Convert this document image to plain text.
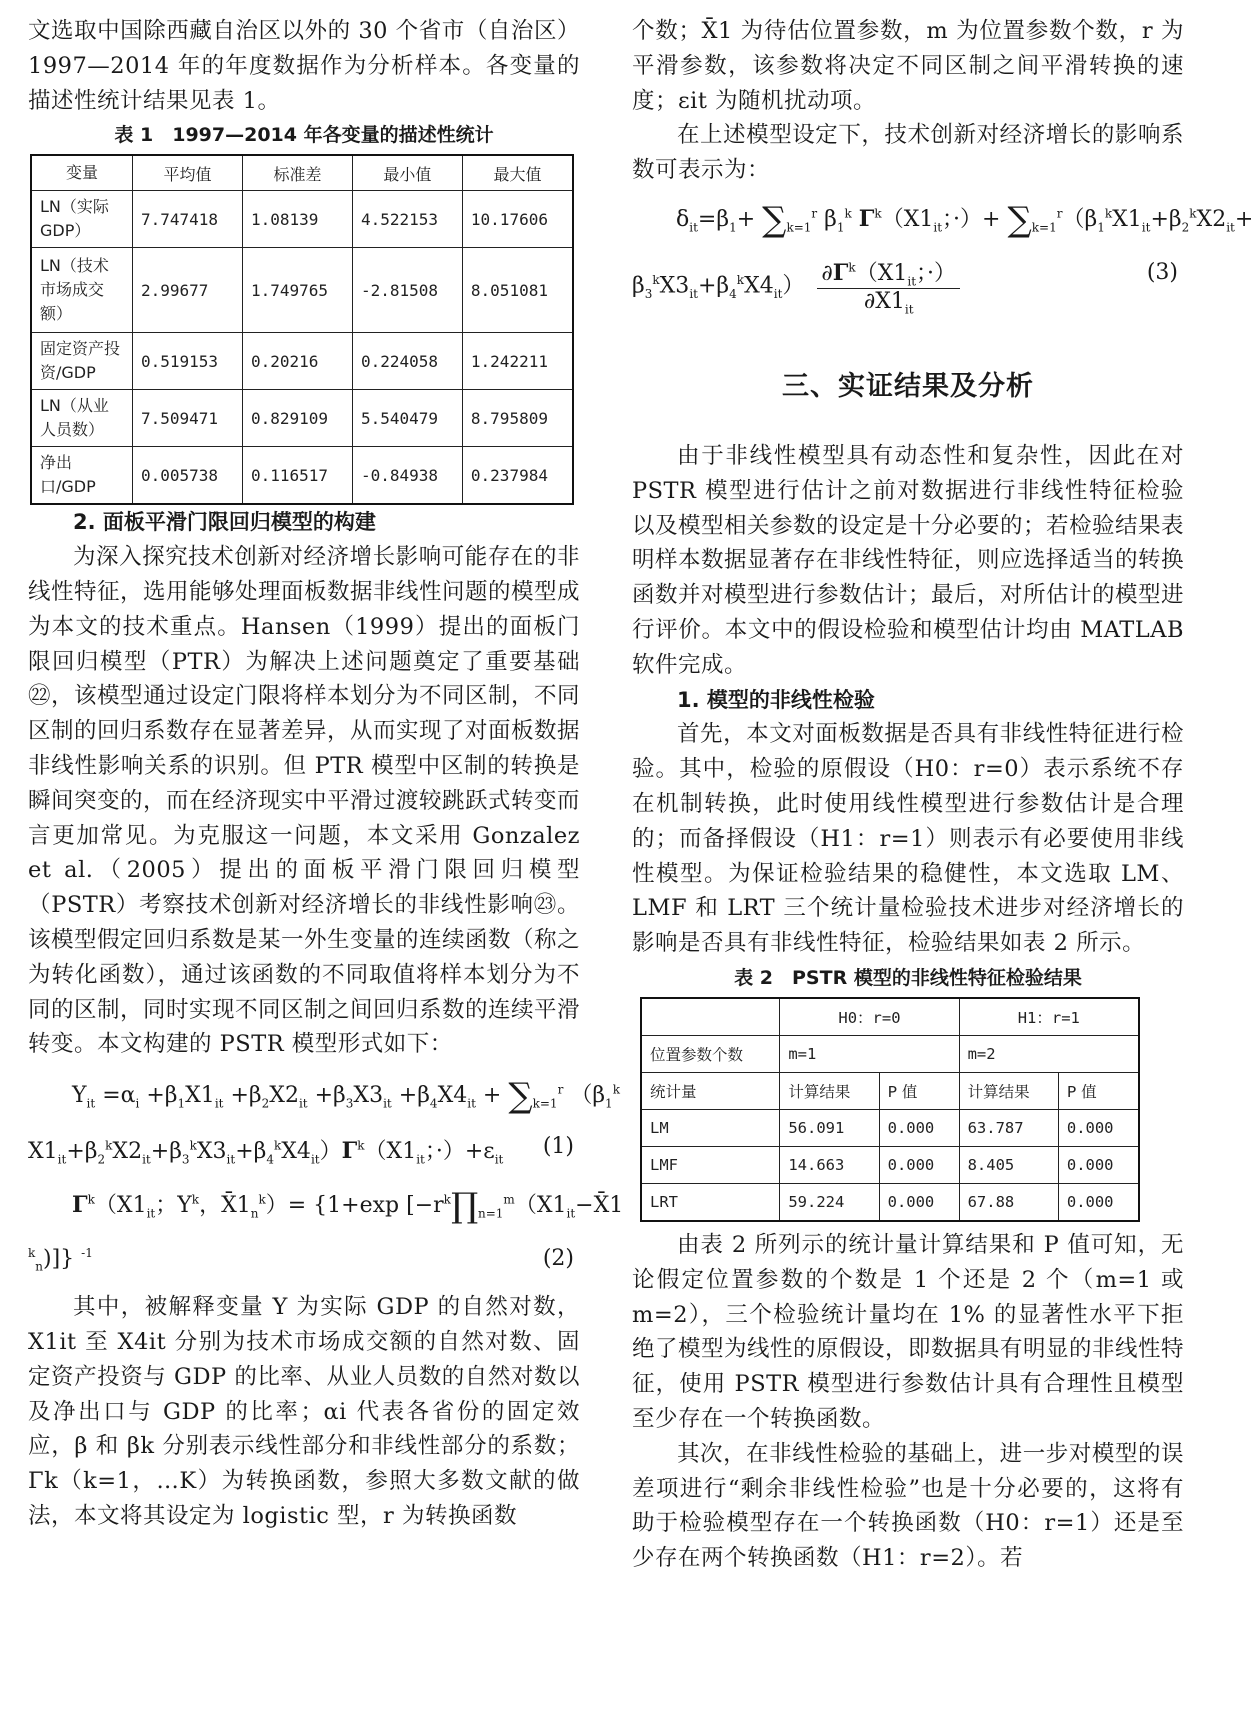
文选取中国除西藏自治区以外的 30 个省市（自治区）1997—2014 年的年度数据作为分析样本。各变量的描述性统计结果见表 1。

表 1　1997—2014 年各变量的描述性统计
变量	平均值	标准差	最小值	最大值
LN（实际 GDP）	7.747418	1.08139	4.522153	10.17606
LN（技术市场成交额）	2.99677	1.749765	-2.81508	8.051081
固定资产投资/GDP	0.519153	0.20216	0.224058	1.242211
LN（从业人员数）	7.509471	0.829109	5.540479	8.795809
净出口/GDP	0.005738	0.116517	-0.84938	0.237984

2. 面板平滑门限回归模型的构建

为深入探究技术创新对经济增长影响可能存在的非线性特征，选用能够处理面板数据非线性问题的模型成为本文的技术重点。Hansen（1999）提出的面板门限回归模型（PTR）为解决上述问题奠定了重要基础㉒，该模型通过设定门限将样本划分为不同区制，不同区制的回归系数存在显著差异，从而实现了对面板数据非线性影响关系的识别。但 PTR 模型中区制的转换是瞬间突变的，而在经济现实中平滑过渡较跳跃式转变而言更加常见。为克服这一问题，本文采用 Gonzalez et al.（2005）提出的面板平滑门限回归模型（PSTR）考察技术创新对经济增长的非线性影响㉓。该模型假定回归系数是某一外生变量的连续函数（称之为转化函数），通过该函数的不同取值将样本划分为不同的区制，同时实现不同区制之间回归系数的连续平滑转变。本文构建的 PSTR 模型形式如下：

$Y_{it} =\alpha_i +\beta_1X1_{it} +\beta_2X2_{it} +\beta_3X3_{it} +\beta_4X4_{it} + \sum_{k=1}^r$ （$\beta_1^k$
$X1_{it}+\beta_2^kX2_{it}+\beta_3^kX3_{it}+\beta_4^kX4_{it})\Gamma^k(X1_{it}$；$\cdot)+\varepsilon_{it}$
(1)
$\Gamma^k(X1_{it}$；$Y^k$，$X̄1_n^k)= \{1+\exp$ [$-r^k\prod_{n=1}^m(X1_{it}-X̄1$
$^k_n$)]} $^{-1}$	(2)

其中，被解释变量 Y 为实际 GDP 的自然对数，X1it 至 X4it 分别为技术市场成交额的自然对数、固定资产投资与 GDP 的比率、从业人员数的自然对数以及净出口与 GDP 的比率；αi 代表各省份的固定效应，β 和 βk 分别表示线性部分和非线性部分的系数；Γk（k=1，…K）为转换函数，参照大多数文献的做法，本文将其设定为 logistic 型，r 为转换函数

个数；X̄1 为待估位置参数，m 为位置参数个数，r 为平滑参数，该参数将决定不同区制之间平滑转换的速度；εit 为随机扰动项。

在上述模型设定下，技术创新对经济增长的影响系数可表示为：

$\delta_{it}=\beta_1+ \sum_{k=1}^r$ $\beta_1^k$ $\Gamma^k(X1_{it}$；·）+ $\sum_{k=1}^r(\beta_1^kX1_{it}+\beta_2^kX2_{it}+$
$\beta_3^kX3_{it}+\beta_4^kX4_{it}) \frac{\partial\Gamma^k(X1_{it};\cdot)}{\partial X1_{it}}$	(3)
三、实证结果及分析

由于非线性模型具有动态性和复杂性，因此在对 PSTR 模型进行估计之前对数据进行非线性特征检验以及模型相关参数的设定是十分必要的；若检验结果表明样本数据显著存在非线性特征，则应选择适当的转换函数并对模型进行参数估计；最后，对所估计的模型进行评价。本文中的假设检验和模型估计均由 MATLAB 软件完成。

1. 模型的非线性检验

首先，本文对面板数据是否具有非线性特征进行检验。其中，检验的原假设（H0：r=0）表示系统不存在机制转换，此时使用线性模型进行参数估计是合理的；而备择假设（H1：r=1）则表示有必要使用非线性模型。为保证检验结果的稳健性，本文选取 LM、LMF 和 LRT 三个统计量检验技术进步对经济增长的影响是否具有非线性特征，检验结果如表 2 所示。

表 2　PSTR 模型的非线性特征检验结果
	H0：r=0		H1：r=1	
位置参数个数	m=1		m=2	
统计量	计算结果	P 值	计算结果	P 值
LM	56.091	0.000	63.787	0.000
LMF	14.663	0.000	8.405	0.000
LRT	59.224	0.000	67.88	0.000

由表 2 所列示的统计量计算结果和 P 值可知，无论假定位置参数的个数是 1 个还是 2 个（m=1 或 m=2），三个检验统计量均在 1% 的显著性水平下拒绝了模型为线性的原假设，即数据具有明显的非线性特征，使用 PSTR 模型进行参数估计具有合理性且模型至少存在一个转换函数。

其次，在非线性检验的基础上，进一步对模型的误差项进行“剩余非线性检验”也是十分必要的，这将有助于检验模型存在一个转换函数（H0：r=1）还是至少存在两个转换函数（H1：r=2）。若
